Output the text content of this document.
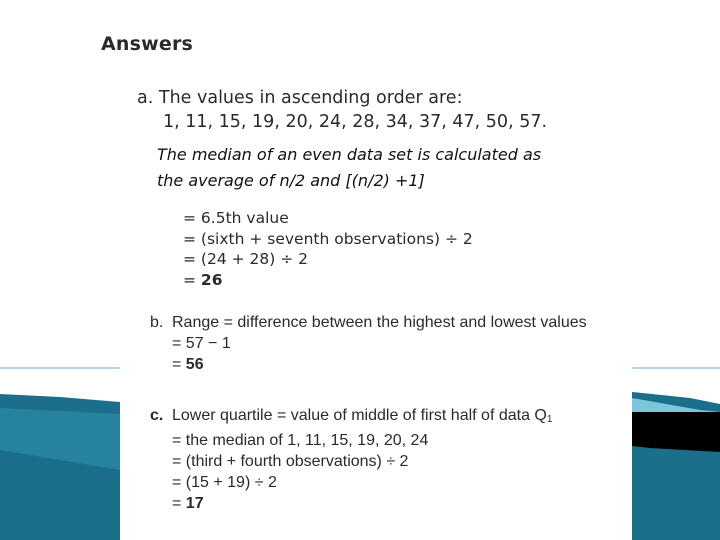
Answers
a. The values in ascending order are:
1, 11, 15, 19, 20, 24, 28, 34, 37, 47, 50, 57.
The median of an even data set is calculated as
the average of n/2 and [(n/2) +1]
= 6.5th value
= (sixth + seventh observations) ÷ 2
= (24 + 28) ÷ 2
= 26
b. Range = difference between the highest and lowest values
= 57 − 1
= 56
c. Lower quartile = value of middle of first half of data $Q_1$
= the median of 1, 11, 15, 19, 20, 24
= (third + fourth observations) ÷ 2
= (15 + 19) ÷ 2
= 17
